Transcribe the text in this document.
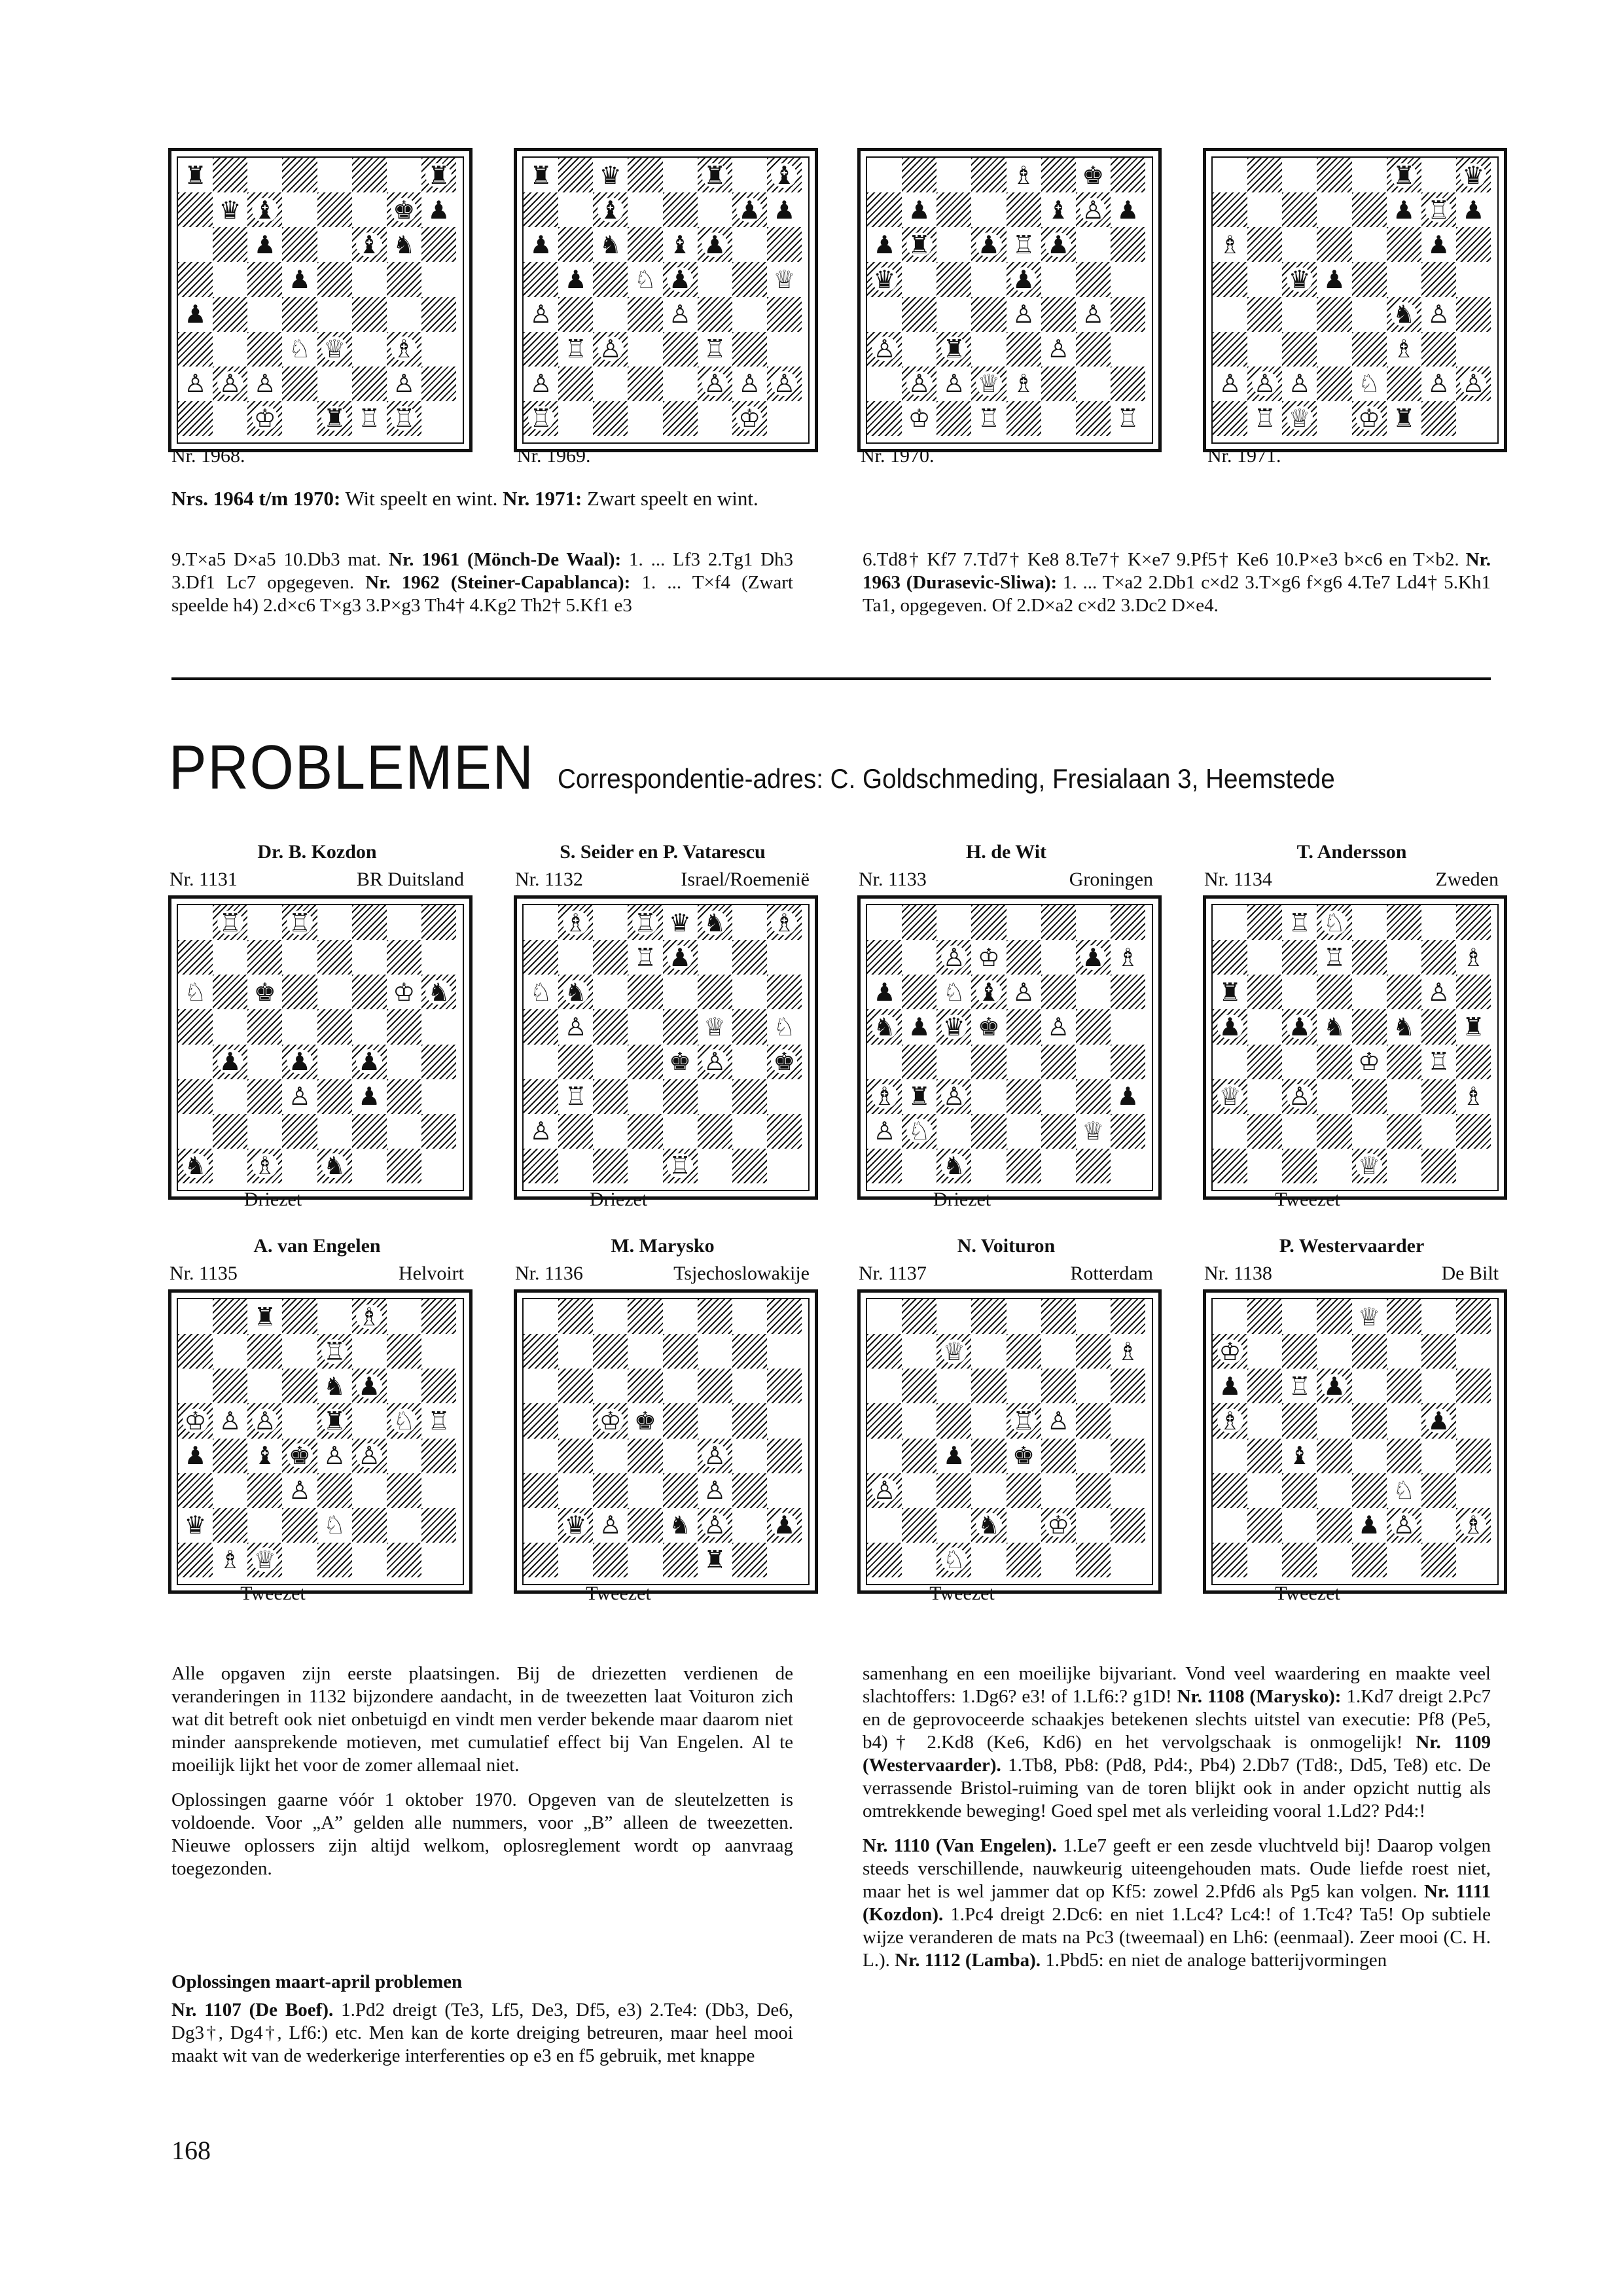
♜	♜
♛ ♝	♚ ♟
♟	♝ ♞
♟
♟
♘ ♕ ♗
♙ ♙ ♙	♙
♔ ♜ ♖ ♖
♜ ♛	♜ ♝
♝	♟ ♟
♟ ♞ ♝ ♟
♟ ♘ ♟	♕
♙	♙
♖ ♙	♖
♙	♙ ♙ ♙
♖	♔
♗ ♚
♟	♝ ♙ ♟
♟ ♜ ♟ ♖ ♟
♛	♟
♙ ♙
♙ ♜	♙
♙ ♙ ♕ ♗
♔ ♖	♖
♜ ♛
♟ ♖ ♟
♗	♟
♛ ♟
♞ ♙
♗
♙ ♙ ♙ ♘ ♙ ♙
♖ ♕ ♔ ♜
♖ ♖
♘ ♚	♔ ♞
♟ ♟ ♟
♙ ♟
♞ ♗ ♞
♗ ♖ ♛ ♞ ♗
♖ ♟
♘ ♞
♙	♕ ♘
♚ ♙ ♚
♖
♙
♖
♙ ♔	♟ ♗
♟ ♘ ♝ ♙
♞ ♟ ♛ ♚ ♙
♗ ♜ ♙	♟
♙ ♘	♕
♞
♖ ♘
♖	♗
♜	♙
♟ ♟ ♞ ♞ ♜
♔ ♖
♕ ♙	♗
♕
♜	♗
♖
♞ ♟
♔ ♙ ♙ ♜ ♘ ♖
♟ ♝ ♚ ♙ ♙
♙
♛	♘
♗ ♕
♔ ♚
♙
♙
♛ ♙ ♞ ♙ ♟
♜
♕	♗
♖ ♙
♟ ♚
♙
♞ ♔
♘
♕
♔
♟ ♖ ♟
♗	♟
♝
♘
♟ ♙ ♗
Nr. 1968.	Nr. 1969.	Nr. 1970.	Nr. 1971.
Nrs. 1964 t/m 1970: Wit speelt en wint. Nr. 1971: Zwart speelt en wint.
9.T×a5 D×a5 10.Db3 mat. Nr. 1961 (Mönch-De Waal): 1. ... Lf3 2.Tg1 Dh3 3.Df1 Lc7 opgegeven. Nr. 1962 (Steiner-Capablanca): 1. ... T×f4 (Zwart speelde h4) 2.d×c6 T×g3 3.P×g3 Th4† 4.Kg2 Th2† 5.Kf1 e3
6.Td8† Kf7 7.Td7† Ke8 8.Te7† K×e7 9.Pf5† Ke6 10.P×e3 b×c6 en T×b2. Nr. 1963 (Durasevic-Sliwa): 1. ... T×a2 2.Db1 c×d2 3.T×g6 f×g6 4.Te7 Ld4† 5.Kh1 Ta1, opgegeven. Of 2.D×a2 c×d2 3.Dc2 D×e4.
PROBLEMEN Correspondentie-adres: C. Goldschmeding, Fresialaan 3, Heemstede

Alle opgaven zijn eerste plaatsingen. Bij de driezetten verdienen de veranderingen in 1132 bijzondere aandacht, in de tweezetten laat Voituron zich wat dit betreft ook niet onbetuigd en vindt men verder bekende maar daarom niet minder aansprekende motieven, met cumulatief effect bij Van Engelen. Al te moeilijk lijkt het voor de zomer allemaal niet.

Oplossingen gaarne vóór 1 oktober 1970. Opgeven van de sleutelzetten is voldoende. Voor „A” gelden alle nummers, voor „B” alleen de tweezetten. Nieuwe oplossers zijn altijd welkom, oplosreglement wordt op aanvraag toegezonden.

Oplossingen maart-april problemen
Nr. 1107 (De Boef). 1.Pd2 dreigt (Te3, Lf5, De3, Df5, e3) 2.Te4: (Db3, De6, Dg3†, Dg4†, Lf6:) etc. Men kan de korte dreiging betreuren, maar heel mooi maakt wit van de wederkerige interferenties op e3 en f5 gebruik, met knappe

samenhang en een moeilijke bijvariant. Vond veel waardering en maakte veel slachtoffers: 1.Dg6? e3! of 1.Lf6:? g1D! Nr. 1108 (Marysko): 1.Kd7 dreigt 2.Pc7 en de geprovoceerde schaakjes betekenen slechts uitstel van executie: Pf8 (Pe5, b4)† 2.Kd8 (Ke6, Kd6) en het vervolgschaak is onmogelijk! Nr. 1109 (Westervaarder). 1.Tb8, Pb8: (Pd8, Pd4:, Pb4) 2.Db7 (Td8:, Dd5, Te8) etc. De verrassende Bristol-ruiming van de toren blijkt ook in ander opzicht nuttig als omtrekkende beweging! Goed spel met als verleiding vooral 1.Ld2? Pd4:!

Nr. 1110 (Van Engelen). 1.Le7 geeft er een zesde vluchtveld bij! Daarop volgen steeds verschillende, nauwkeurig uiteengehouden mats. Oude liefde roest niet, maar het is wel jammer dat op Kf5: zowel 2.Pfd6 als Pg5 kan volgen. Nr. 1111 (Kozdon). 1.Pc4 dreigt 2.Dc6: en niet 1.Lc4? Lc4:! of 1.Tc4? Ta5! Op subtiele wijze veranderen de mats na Pc3 (tweemaal) en Lh6: (eenmaal). Zeer mooi (C. H. L.). Nr. 1112 (Lamba). 1.Pbd5: en niet de analoge batterijvormingen

168
Dr. B. Kozdon
Nr. 1131	BR Duitsland
Driezet
S. Seider en P. Vatarescu
Nr. 1132	Israel/Roemenië
Driezet
H. de Wit
Nr. 1133	Groningen
Driezet
T. Andersson
Nr. 1134	Zweden
Tweezet
A. van Engelen
Nr. 1135	Helvoirt
Tweezet
M. Marysko
Nr. 1136	Tsjechoslowakije
Tweezet
N. Voituron
Nr. 1137	Rotterdam
Tweezet
P. Westervaarder
Nr. 1138	De Bilt
Tweezet
